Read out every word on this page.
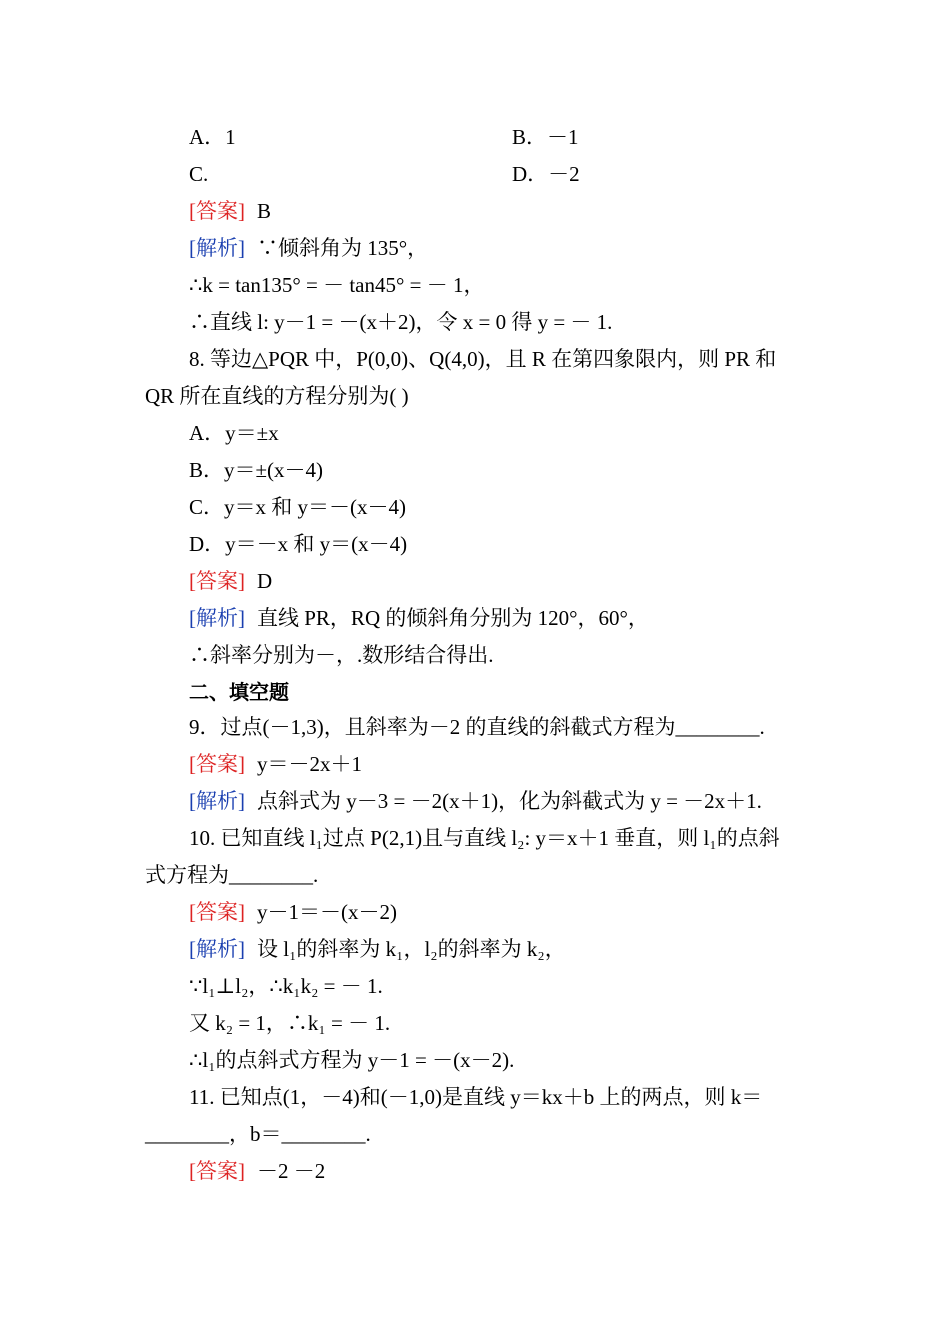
A．1	B．－1
C.	D．－2
[答案] B
[解析] ∵倾斜角为 135°，
∴k = tan135° = － tan45° = － 1，
∴直线 l: y－1 = －(x＋2)，令 x = 0 得 y = － 1.
8. 等边△PQR 中，P(0,0)、Q(4,0)，且 R 在第四象限内，则 PR 和
QR 所在直线的方程分别为( )
A．y＝±x
B．y＝±(x－4)
C．y＝x 和 y＝－(x－4)
D．y＝－x 和 y＝(x－4)
[答案] D
[解析] 直线 PR，RQ 的倾斜角分别为 120°，60°，
∴斜率分别为－，.数形结合得出.
二、填空题
9．过点(－1,3)，且斜率为－2 的直线的斜截式方程为________.
[答案] y＝－2x＋1
[解析] 点斜式为 y－3 = －2(x＋1)，化为斜截式为 y = －2x＋1.
10. 已知直线 l₁过点 P(2,1)且与直线 l₂: y＝x＋1 垂直，则 l₁的点斜
式方程为________.
[答案] y－1＝－(x－2)
[解析] 设 l₁的斜率为 k₁，l₂的斜率为 k₂，
∵l₁⊥l₂，∴k₁k₂ = － 1.
又 k₂ = 1，∴k₁ = － 1.
∴l₁的点斜式方程为 y－1 = －(x－2).
11. 已知点(1，－4)和(－1,0)是直线 y＝kx＋b 上的两点，则 k＝
________，b＝________.
[答案] －2 －2
